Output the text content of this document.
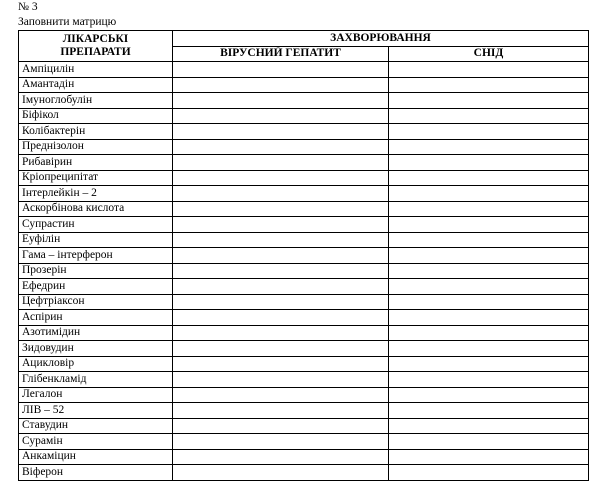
№ 3
Заповнити матрицю
ЛІКАРСЬКІ
ПРЕПАРАТИ	ЗАХВОРЮВАННЯ	
	ВІРУСНИЙ ГЕПАТИТ	СНІД
Ампіцилін		
Амантадін		
Імуноглобулін		
Біфікол		
Колібактерін		
Преднізолон		
Рибавірин		
Кріопреципітат		
Інтерлейкін – 2		
Аскорбінова кислота		
Супрастин		
Еуфілін		
Гама – інтерферон		
Прозерін		
Ефедрин		
Цефтріаксон		
Аспірин		
Азотимідин		
Зидовудин		
Ацикловір		
Глібенкламід		
Легалон		
ЛІВ – 52		
Ставудин		
Сурамін		
Анкаміцин		
Віферон		
